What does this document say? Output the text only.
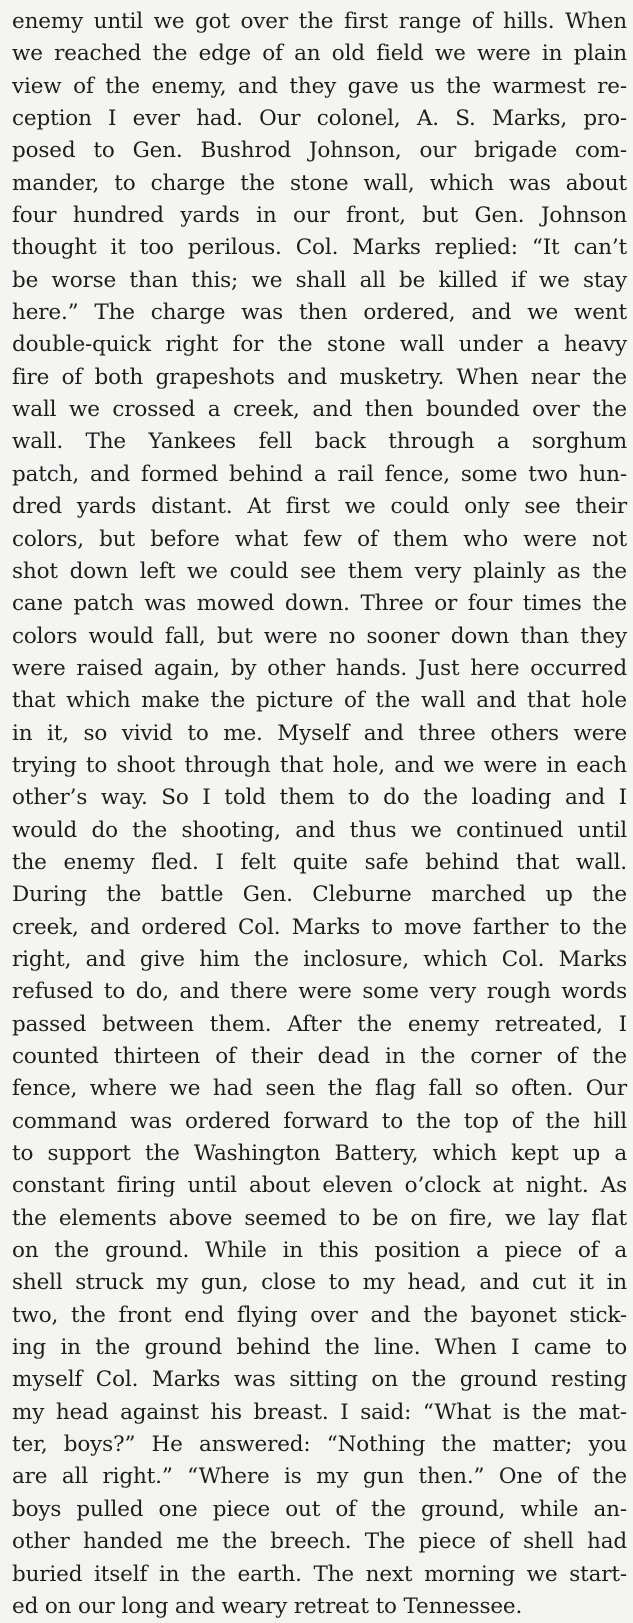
enemy until we got over the first range of hills. When
we reached the edge of an old field we were in plain
view of the enemy, and they gave us the warmest re-
ception I ever had. Our colonel, A. S. Marks, pro-
posed to Gen. Bushrod Johnson, our brigade com-
mander, to charge the stone wall, which was about
four hundred yards in our front, but Gen. Johnson
thought it too perilous. Col. Marks replied: “It can’t
be worse than this; we shall all be killed if we stay
here.” The charge was then ordered, and we went
double-quick right for the stone wall under a heavy
fire of both grapeshots and musketry. When near the
wall we crossed a creek, and then bounded over the
wall. The Yankees fell back through a sorghum
patch, and formed behind a rail fence, some two hun-
dred yards distant. At first we could only see their
colors, but before what few of them who were not
shot down left we could see them very plainly as the
cane patch was mowed down. Three or four times the
colors would fall, but were no sooner down than they
were raised again, by other hands. Just here occurred
that which make the picture of the wall and that hole
in it, so vivid to me. Myself and three others were
trying to shoot through that hole, and we were in each
other’s way. So I told them to do the loading and I
would do the shooting, and thus we continued until
the enemy fled. I felt quite safe behind that wall.
During the battle Gen. Cleburne marched up the
creek, and ordered Col. Marks to move farther to the
right, and give him the inclosure, which Col. Marks
refused to do, and there were some very rough words
passed between them. After the enemy retreated, I
counted thirteen of their dead in the corner of the
fence, where we had seen the flag fall so often. Our
command was ordered forward to the top of the hill
to support the Washington Battery, which kept up a
constant firing until about eleven o’clock at night. As
the elements above seemed to be on fire, we lay flat
on the ground. While in this position a piece of a
shell struck my gun, close to my head, and cut it in
two, the front end flying over and the bayonet stick-
ing in the ground behind the line. When I came to
myself Col. Marks was sitting on the ground resting
my head against his breast. I said: “What is the mat-
ter, boys?” He answered: “Nothing the matter; you
are all right.” “Where is my gun then.” One of the
boys pulled one piece out of the ground, while an-
other handed me the breech. The piece of shell had
buried itself in the earth. The next morning we start-
ed on our long and weary retreat to Tennessee.
